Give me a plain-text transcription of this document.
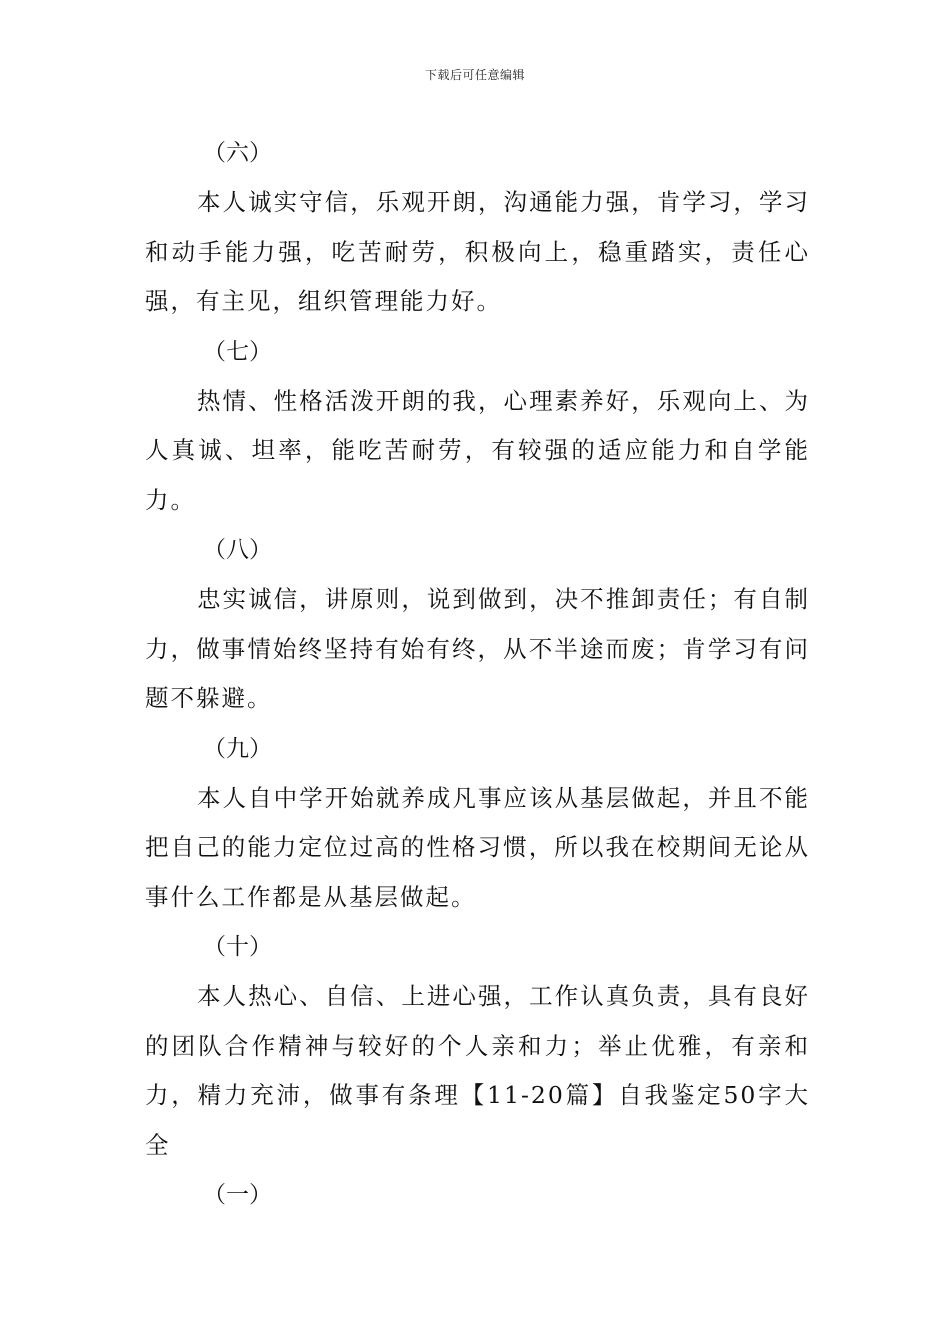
下载后可任意编辑
（六）

本人诚实守信，乐观开朗，沟通能力强，肯学习，学习和动手能力强，吃苦耐劳，积极向上，稳重踏实，责任心强，有主见，组织管理能力好。

（七）

热情、性格活泼开朗的我，心理素养好，乐观向上、为人真诚、坦率，能吃苦耐劳，有较强的适应能力和自学能力。

（八）

忠实诚信，讲原则，说到做到，决不推卸责任；有自制力，做事情始终坚持有始有终，从不半途而废；肯学习有问题不躲避。

（九）

本人自中学开始就养成凡事应该从基层做起，并且不能把自己的能力定位过高的性格习惯，所以我在校期间无论从事什么工作都是从基层做起。

（十）

本人热心、自信、上进心强，工作认真负责，具有良好的团队合作精神与较好的个人亲和力；举止优雅，有亲和力，精力充沛，做事有条理【11-20篇】自我鉴定50字大全

（一）
